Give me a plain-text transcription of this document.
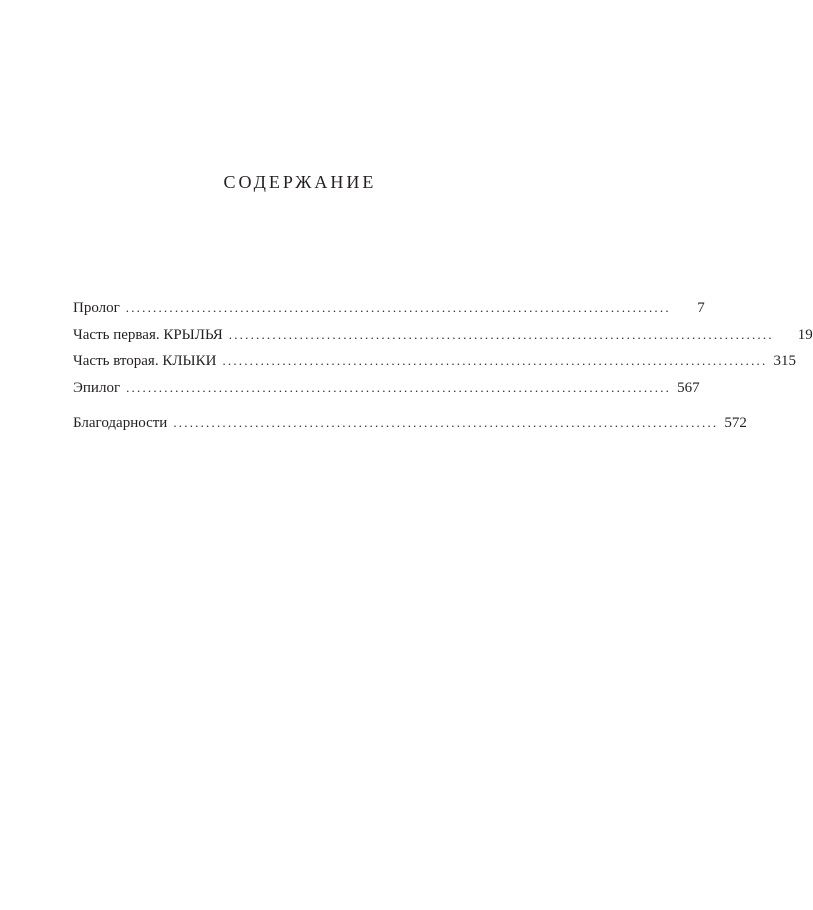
СОДЕРЖАНИЕ
Пролог ....................................................................................................	7
Часть первая. КРЫЛЬЯ ....................................................................................................	19
Часть вторая. КЛЫКИ .................................................................................................... 315
Эпилог .................................................................................................... 567
Благодарности .................................................................................................... 572
